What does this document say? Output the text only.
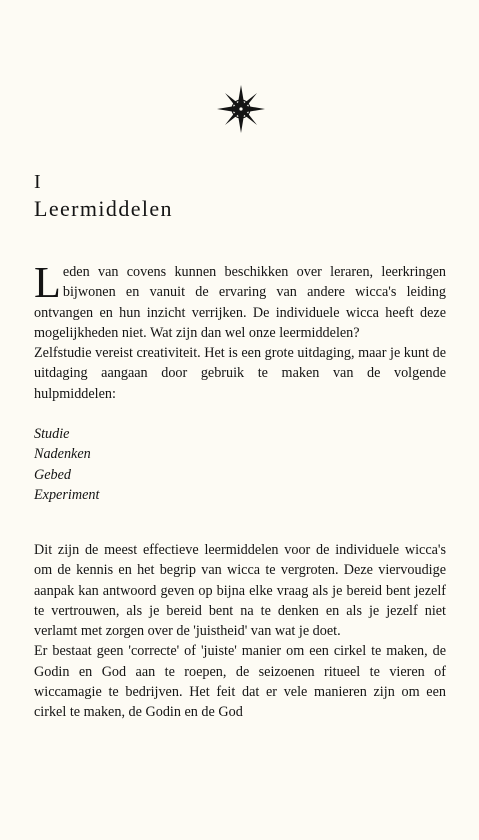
I
Leermiddelen

Leden van covens kunnen beschikken over leraren, leerkringen bijwonen en vanuit de ervaring van andere wicca's leiding ontvangen en hun inzicht verrijken. De individuele wicca heeft deze mogelijkheden niet. Wat zijn dan wel onze leermiddelen?

Zelfstudie vereist creativiteit. Het is een grote uitdaging, maar je kunt de uitdaging aangaan door gebruik te maken van de volgende hulpmiddelen:

Studie
Nadenken
Gebed
Experiment

Dit zijn de meest effectieve leermiddelen voor de individuele wicca's om de kennis en het begrip van wicca te vergroten. Deze viervoudige aanpak kan antwoord geven op bijna elke vraag als je bereid bent jezelf te vertrouwen, als je bereid bent na te denken en als je jezelf niet verlamt met zorgen over de 'juistheid' van wat je doet.

Er bestaat geen 'correcte' of 'juiste' manier om een cirkel te maken, de Godin en God aan te roepen, de seizoenen ritueel te vieren of wiccamagie te bedrijven. Het feit dat er vele manieren zijn om een cirkel te maken, de Godin en de God
